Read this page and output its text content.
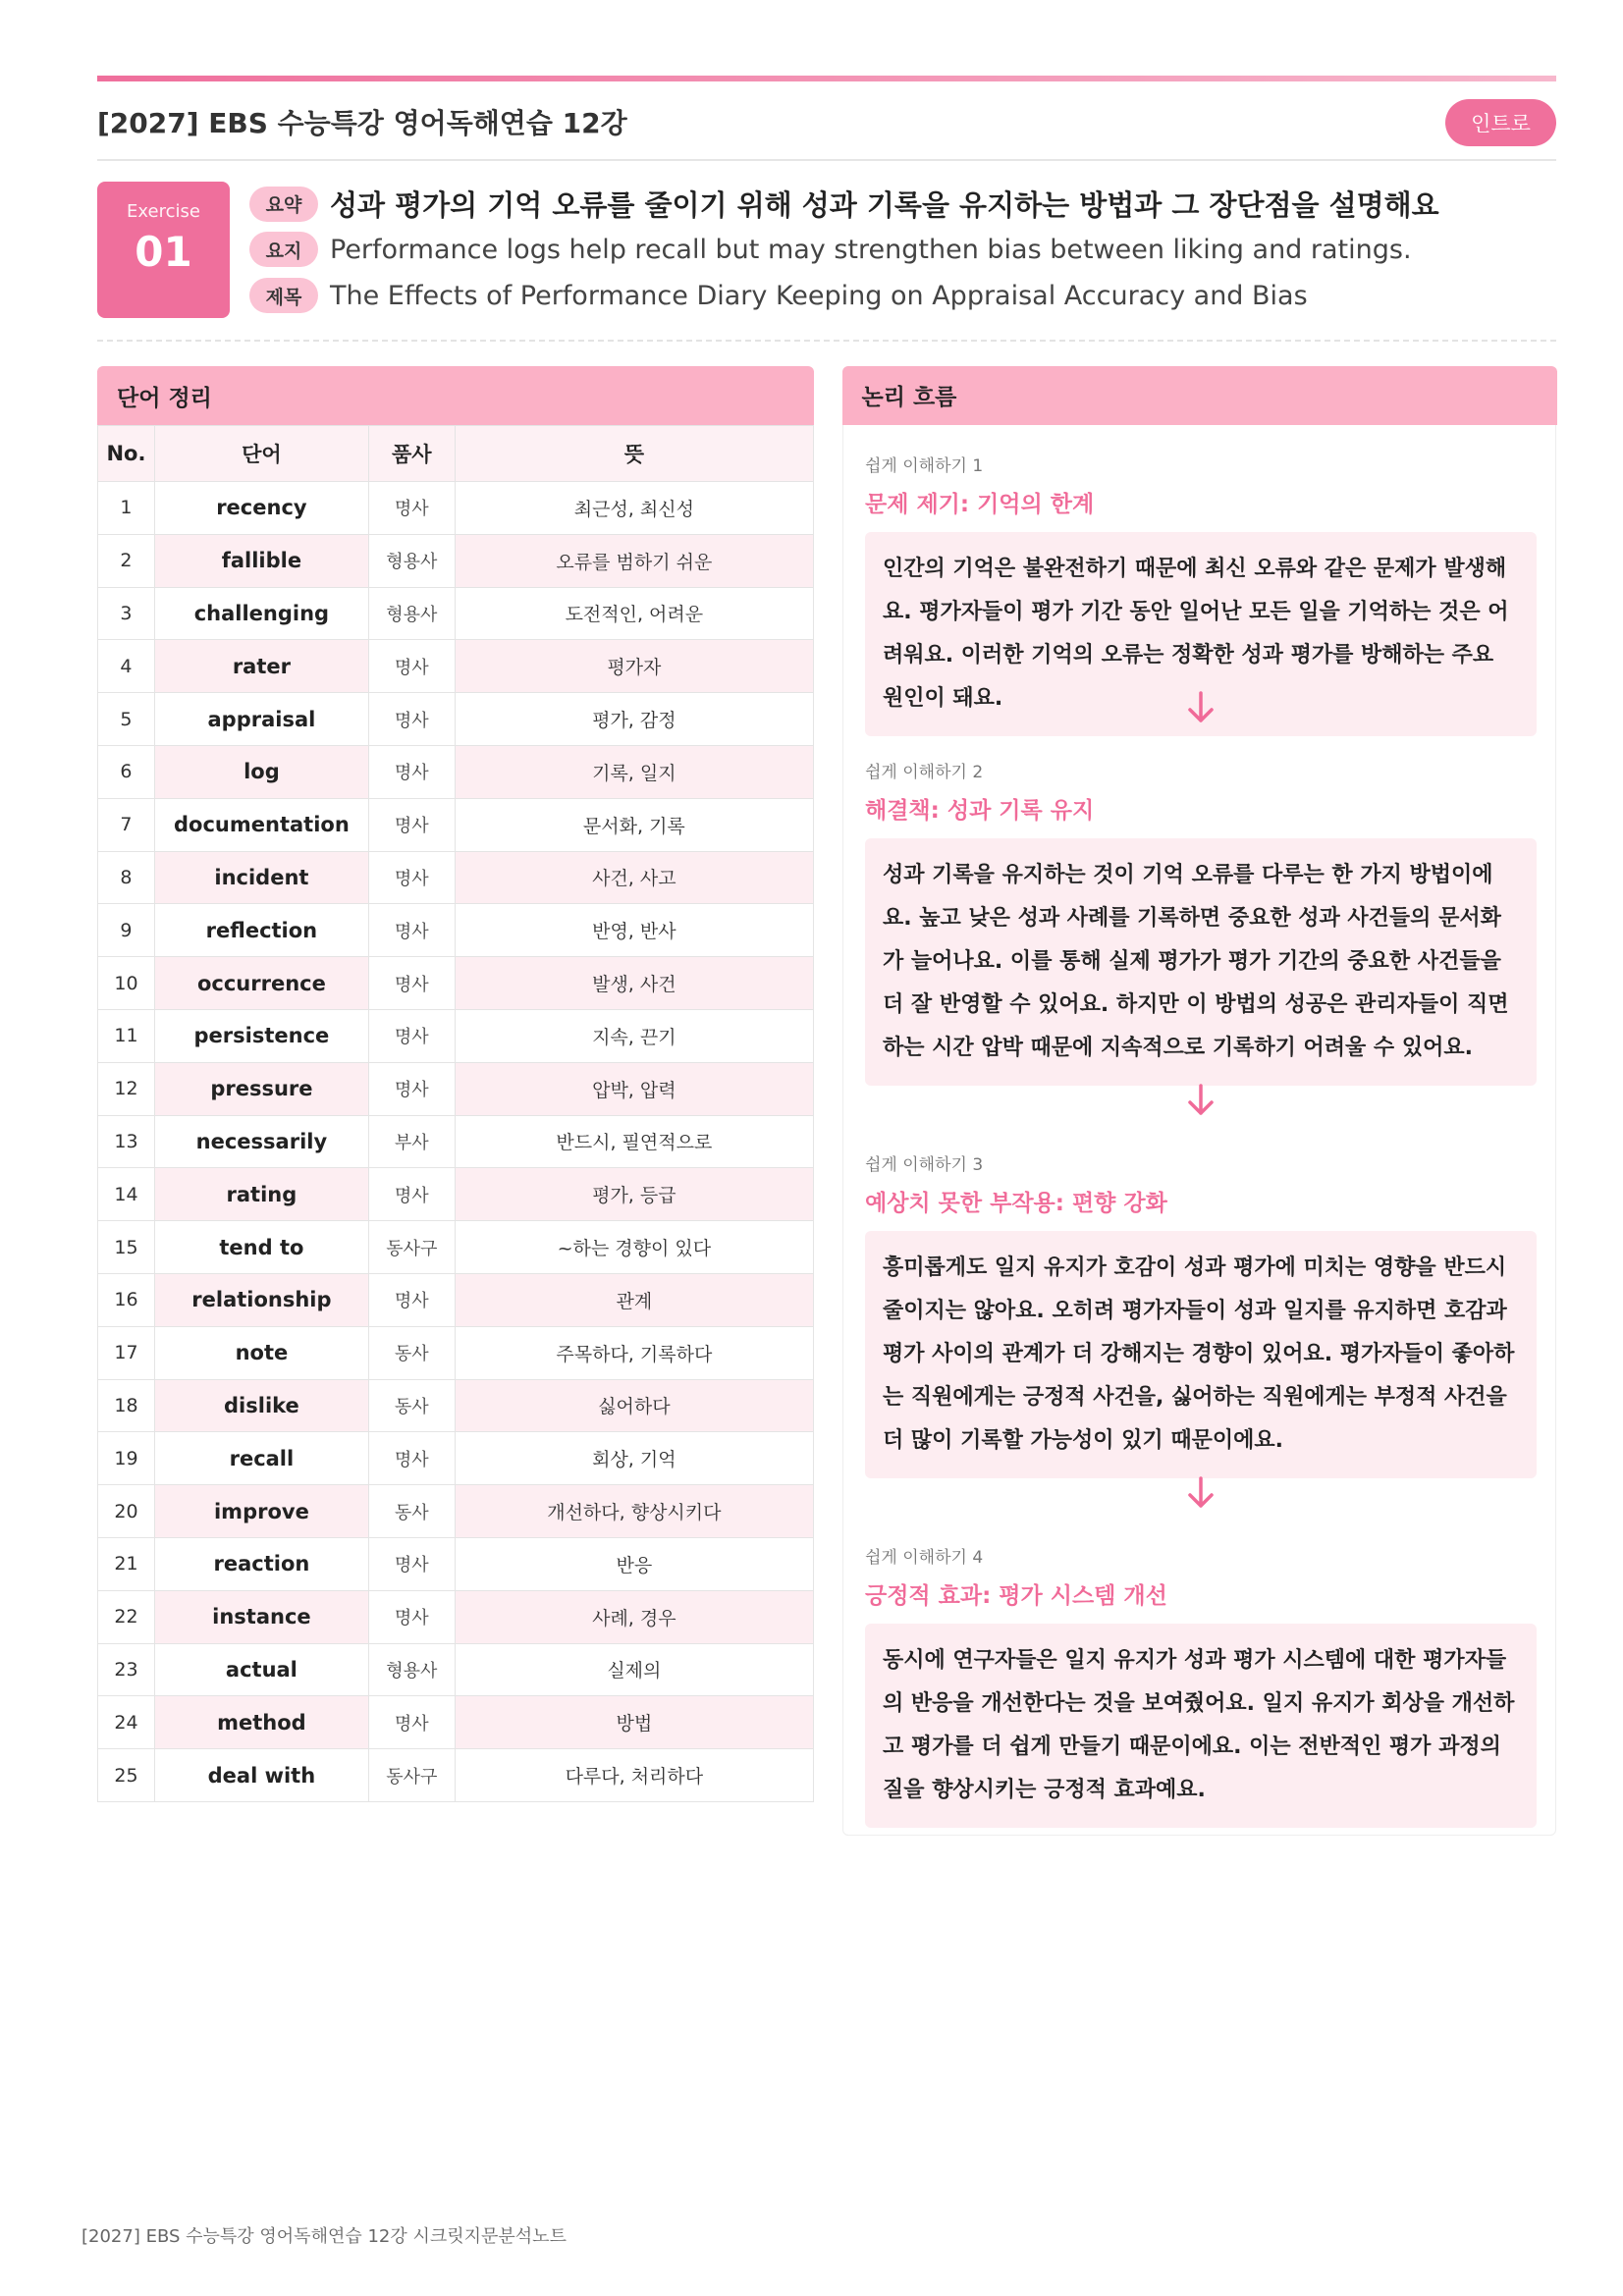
[2027] EBS 수능특강 영어독해연습 12강	인트로
Exercise
01
요약 성과 평가의 기억 오류를 줄이기 위해 성과 기록을 유지하는 방법과 그 장단점을 설명해요
요지	Performance logs help recall but may strengthen bias between liking and ratings.
제목	The Effects of Performance Diary Keeping on Appraisal Accuracy and Bias
단어 정리
No.	단어	품사	뜻
1	recency	명사	최근성, 최신성
2	fallible	형용사	오류를 범하기 쉬운
3	challenging	형용사	도전적인, 어려운
4	rater	명사	평가자
5	appraisal	명사	평가, 감정
6	log	명사	기록, 일지
7	documentation	명사	문서화, 기록
8	incident	명사	사건, 사고
9	reflection	명사	반영, 반사
10	occurrence	명사	발생, 사건
11	persistence	명사	지속, 끈기
12	pressure	명사	압박, 압력
13	necessarily	부사	반드시, 필연적으로
14	rating	명사	평가, 등급
15	tend to	동사구	~하는 경향이 있다
16	relationship	명사	관계
17	note	동사	주목하다, 기록하다
18	dislike	동사	싫어하다
19	recall	명사	회상, 기억
20	improve	동사	개선하다, 향상시키다
21	reaction	명사	반응
22	instance	명사	사례, 경우
23	actual	형용사	실제의
24	method	명사	방법
25	deal with	동사구	다루다, 처리하다
논리 흐름
쉽게 이해하기 1
문제 제기: 기억의 한계
인간의 기억은 불완전하기 때문에 최신 오류와 같은 문제가 발생해요. 평가자들이 평가 기간 동안 일어난 모든 일을 기억하는 것은 어려워요. 이러한 기억의 오류는 정확한 성과 평가를 방해하는 주요 원인이 돼요.
쉽게 이해하기 2
해결책: 성과 기록 유지
성과 기록을 유지하는 것이 기억 오류를 다루는 한 가지 방법이에요. 높고 낮은 성과 사례를 기록하면 중요한 성과 사건들의 문서화가 늘어나요. 이를 통해 실제 평가가 평가 기간의 중요한 사건들을 더 잘 반영할 수 있어요. 하지만 이 방법의 성공은 관리자들이 직면하는 시간 압박 때문에 지속적으로 기록하기 어려울 수 있어요.
쉽게 이해하기 3
예상치 못한 부작용: 편향 강화
흥미롭게도 일지 유지가 호감이 성과 평가에 미치는 영향을 반드시 줄이지는 않아요. 오히려 평가자들이 성과 일지를 유지하면 호감과 평가 사이의 관계가 더 강해지는 경향이 있어요. 평가자들이 좋아하는 직원에게는 긍정적 사건을, 싫어하는 직원에게는 부정적 사건을 더 많이 기록할 가능성이 있기 때문이에요.
쉽게 이해하기 4
긍정적 효과: 평가 시스템 개선
동시에 연구자들은 일지 유지가 성과 평가 시스템에 대한 평가자들의 반응을 개선한다는 것을 보여줬어요. 일지 유지가 회상을 개선하고 평가를 더 쉽게 만들기 때문이에요. 이는 전반적인 평가 과정의 질을 향상시키는 긍정적 효과예요.
[2027] EBS 수능특강 영어독해연습 12강 시크릿지문분석노트
